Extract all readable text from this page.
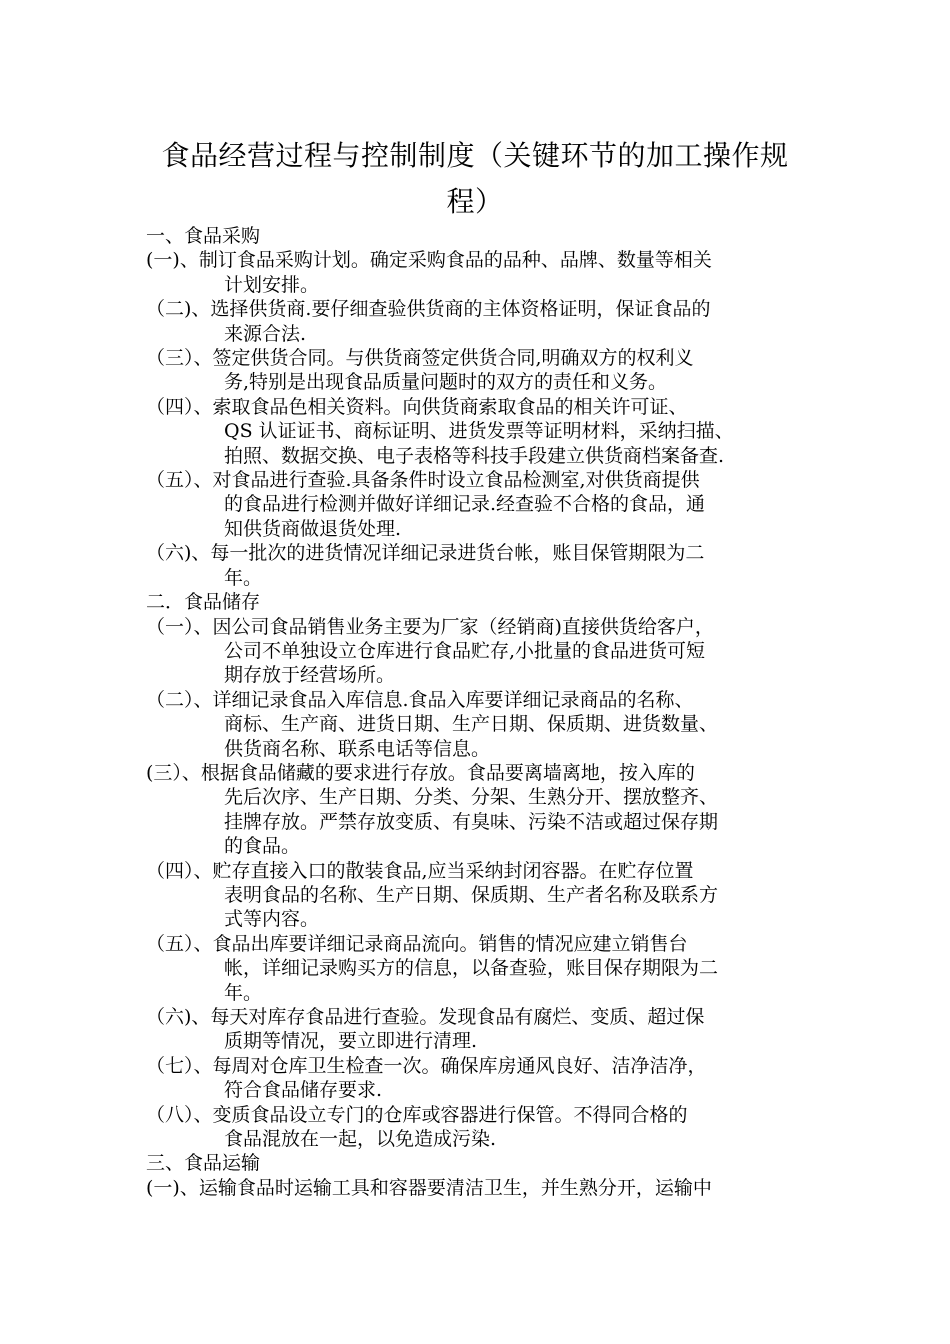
食品经营过程与控制制度（关键环节的加工操作规
程）
一、食品采购
(一)、制订食品采购计划。确定采购食品的品种、品牌、数量等相关
计划安排。
（二)、选择供货商.要仔细查验供货商的主体资格证明，保证食品的
来源合法.
（三）、签定供货合同。与供货商签定供货合同,明确双方的权利义
务,特别是出现食品质量问题时的双方的责任和义务。
（四）、索取食品色相关资料。向供货商索取食品的相关许可证、
QS 认证证书、商标证明、进货发票等证明材料，采纳扫描、
拍照、数据交换、电子表格等科技手段建立供货商档案备查.
（五）、对食品进行查验.具备条件时设立食品检测室,对供货商提供
的食品进行检测并做好详细记录.经查验不合格的食品，通
知供货商做退货处理.
（六)、每一批次的进货情况详细记录进货台帐，账目保管期限为二
年。
二．食品储存
（一）、因公司食品销售业务主要为厂家（经销商)直接供货给客户，
公司不单独设立仓库进行食品贮存,小批量的食品进货可短
期存放于经营场所。
（二）、详细记录食品入库信息.食品入库要详细记录商品的名称、
商标、生产商、进货日期、生产日期、保质期、进货数量、
供货商名称、联系电话等信息。
(三）、根据食品储藏的要求进行存放。食品要离墙离地，按入库的
先后次序、生产日期、分类、分架、生熟分开、摆放整齐、
挂牌存放。严禁存放变质、有臭味、污染不洁或超过保存期
的食品。
（四）、贮存直接入口的散装食品,应当采纳封闭容器。在贮存位置
表明食品的名称、生产日期、保质期、生产者名称及联系方
式等内容。
（五）、食品出库要详细记录商品流向。销售的情况应建立销售台
帐，详细记录购买方的信息，以备查验，账目保存期限为二
年。
（六)、每天对库存食品进行查验。发现食品有腐烂、变质、超过保
质期等情况，要立即进行清理.
（七）、每周对仓库卫生检查一次。确保库房通风良好、洁净洁净，
符合食品储存要求.
（八）、变质食品设立专门的仓库或容器进行保管。不得同合格的
食品混放在一起，以免造成污染.
三、食品运输
(一)、运输食品时运输工具和容器要清洁卫生，并生熟分开，运输中
